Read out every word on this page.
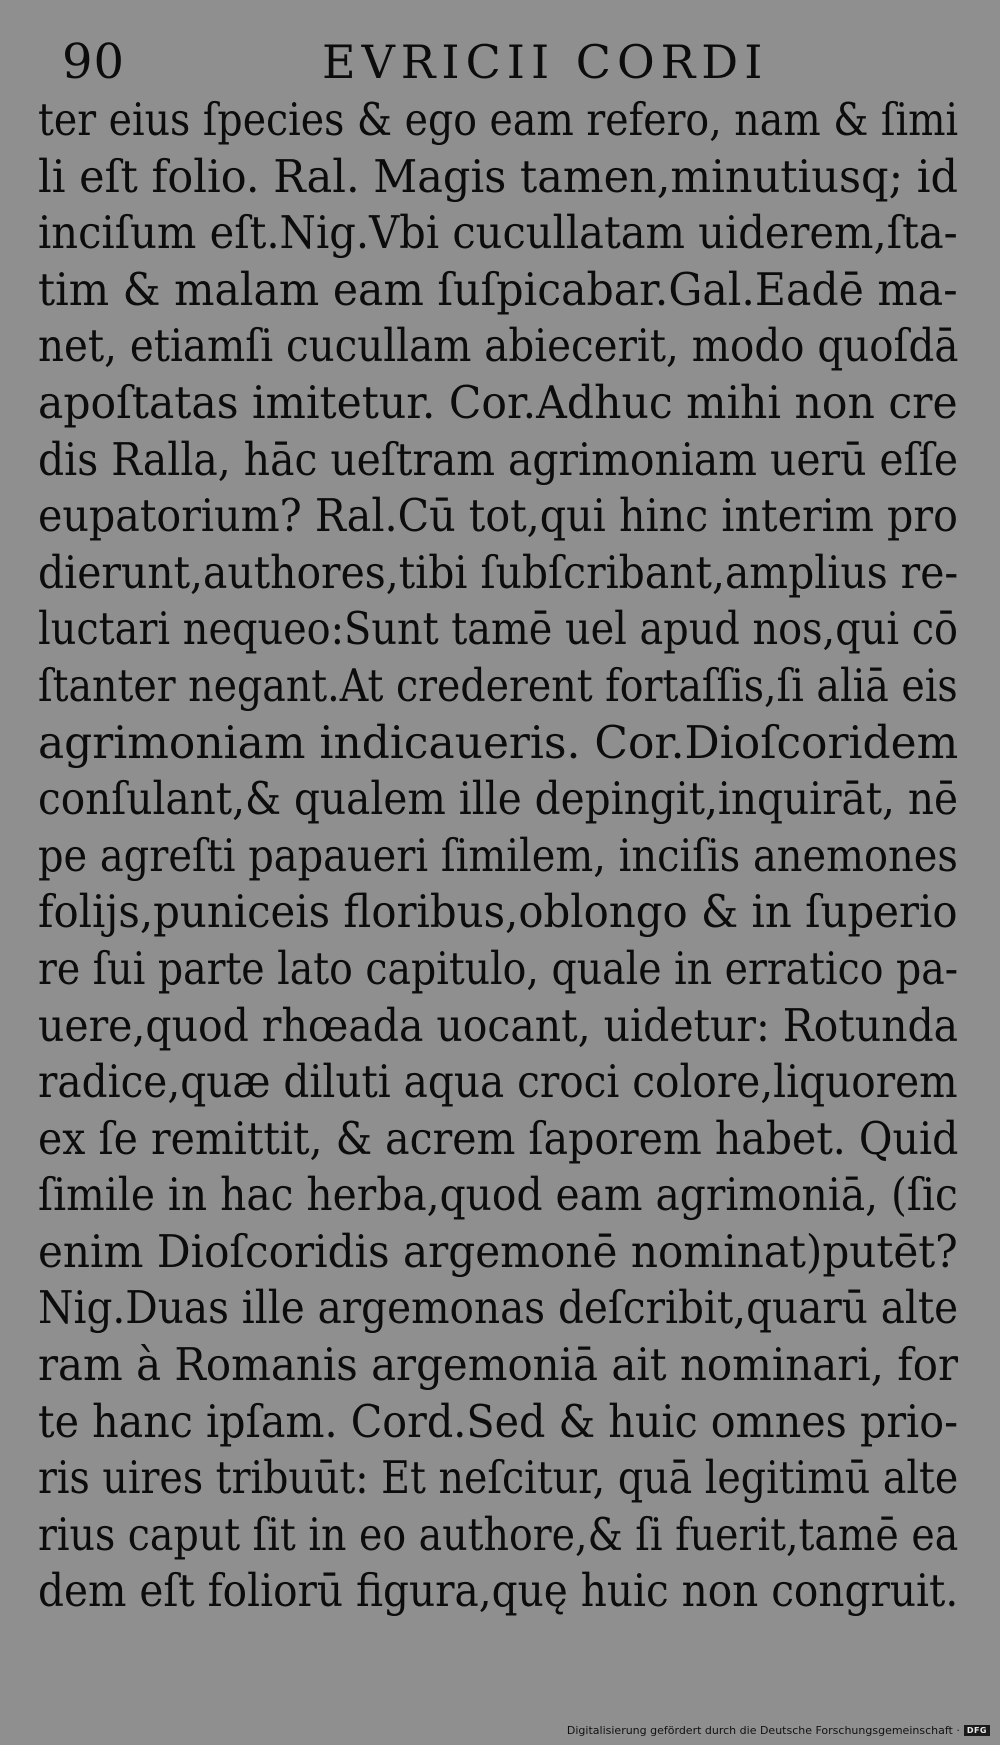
90	EVRICII CORDI
ter eius ſpecies & ego eam refero, nam & ſimi
li eſt folio. Ral. Magis tamen,minutiusq; id
inciſum eſt.Nig.Vbi cucullatam uiderem,ſta-
tim & malam eam ſuſpicabar.Gal.Eadē ma-
net, etiamſi cucullam abiecerit, modo quoſdā
apoſtatas imitetur. Cor.Adhuc mihi non cre
dis Ralla, hāc ueſtram agrimoniam uerū eſſe
eupatorium? Ral.Cū tot,qui hinc interim pro
dierunt,authores,tibi ſubſcribant,amplius re-
luctari nequeo:Sunt tamē uel apud nos,qui cō
ſtanter negant.At crederent fortaſſis,ſi aliā eis
agrimoniam indicaueris. Cor.Dioſcoridem
conſulant,& qualem ille depingit,inquirāt, nē
pe agreſti papaueri ſimilem, inciſis anemones
folijs,puniceis floribus,oblongo & in ſuperio
re ſui parte lato capitulo, quale in erratico pa-
uere,quod rhœada uocant, uidetur: Rotunda
radice,quæ diluti aqua croci colore,liquorem
ex ſe remittit, & acrem ſaporem habet. Quid
ſimile in hac herba,quod eam agrimoniā, (ſic
enim Dioſcoridis argemonē nominat)putēt?
Nig.Duas ille argemonas deſcribit,quarū alte
ram à Romanis argemoniā ait nominari, for
te hanc ipſam. Cord.Sed & huic omnes prio-
ris uires tribuūt: Et neſcitur, quā legitimū alte
rius caput ſit in eo authore,& ſi fuerit,tamē ea
dem eſt foliorū figura,quę huic non congruit.
Digitalisierung gefördert durch die Deutsche Forschungsgemeinschaft · DFG
